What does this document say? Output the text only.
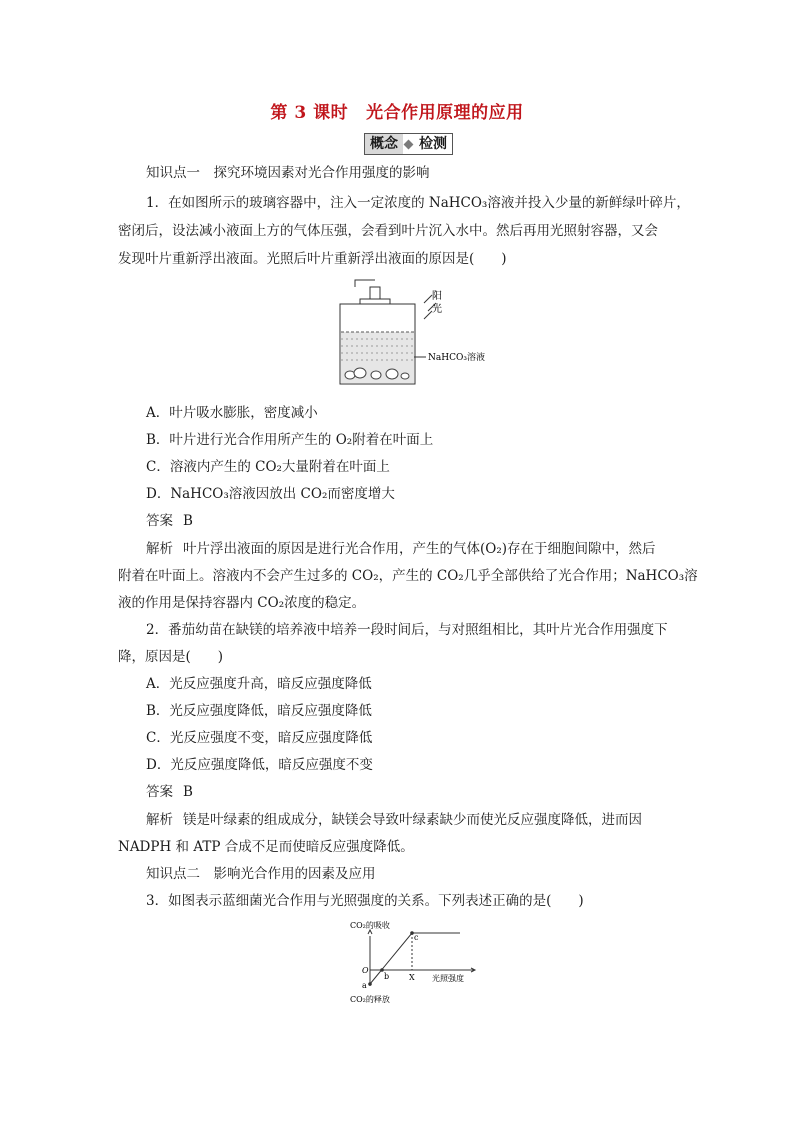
第 3 课时 光合作用原理的应用
概念	检测
知识点一　探究环境因素对光合作用强度的影响
1．在如图所示的玻璃容器中，注入一定浓度的 NaHCO₃溶液并投入少量的新鲜绿叶碎片，
密闭后，设法减小液面上方的气体压强，会看到叶片沉入水中。然后再用光照射容器，又会
发现叶片重新浮出液面。光照后叶片重新浮出液面的原因是(　　)
阳
光
NaHCO₃溶液
A．叶片吸水膨胀，密度减小
B．叶片进行光合作用所产生的 O₂附着在叶面上
C．溶液内产生的 CO₂大量附着在叶面上
D．NaHCO₃溶液因放出 CO₂而密度增大
答案 B
解析 叶片浮出液面的原因是进行光合作用，产生的气体(O₂)存在于细胞间隙中，然后
附着在叶面上。溶液内不会产生过多的 CO₂，产生的 CO₂几乎全部供给了光合作用；NaHCO₃溶
液的作用是保持容器内 CO₂浓度的稳定。
2．番茄幼苗在缺镁的培养液中培养一段时间后，与对照组相比，其叶片光合作用强度下
降，原因是(　　)
A．光反应强度升高，暗反应强度降低
B．光反应强度降低，暗反应强度降低
C．光反应强度不变，暗反应强度降低
D．光反应强度降低，暗反应强度不变
答案 B
解析 镁是叶绿素的组成成分，缺镁会导致叶绿素缺少而使光反应强度降低，进而因
NADPH 和 ATP 合成不足而使暗反应强度降低。
知识点二　影响光合作用的因素及应用
3．如图表示蓝细菌光合作用与光照强度的关系。下列表述正确的是(　　)
CO₂的吸收
O
a
b
c
X 光照强度
CO₂的释放
